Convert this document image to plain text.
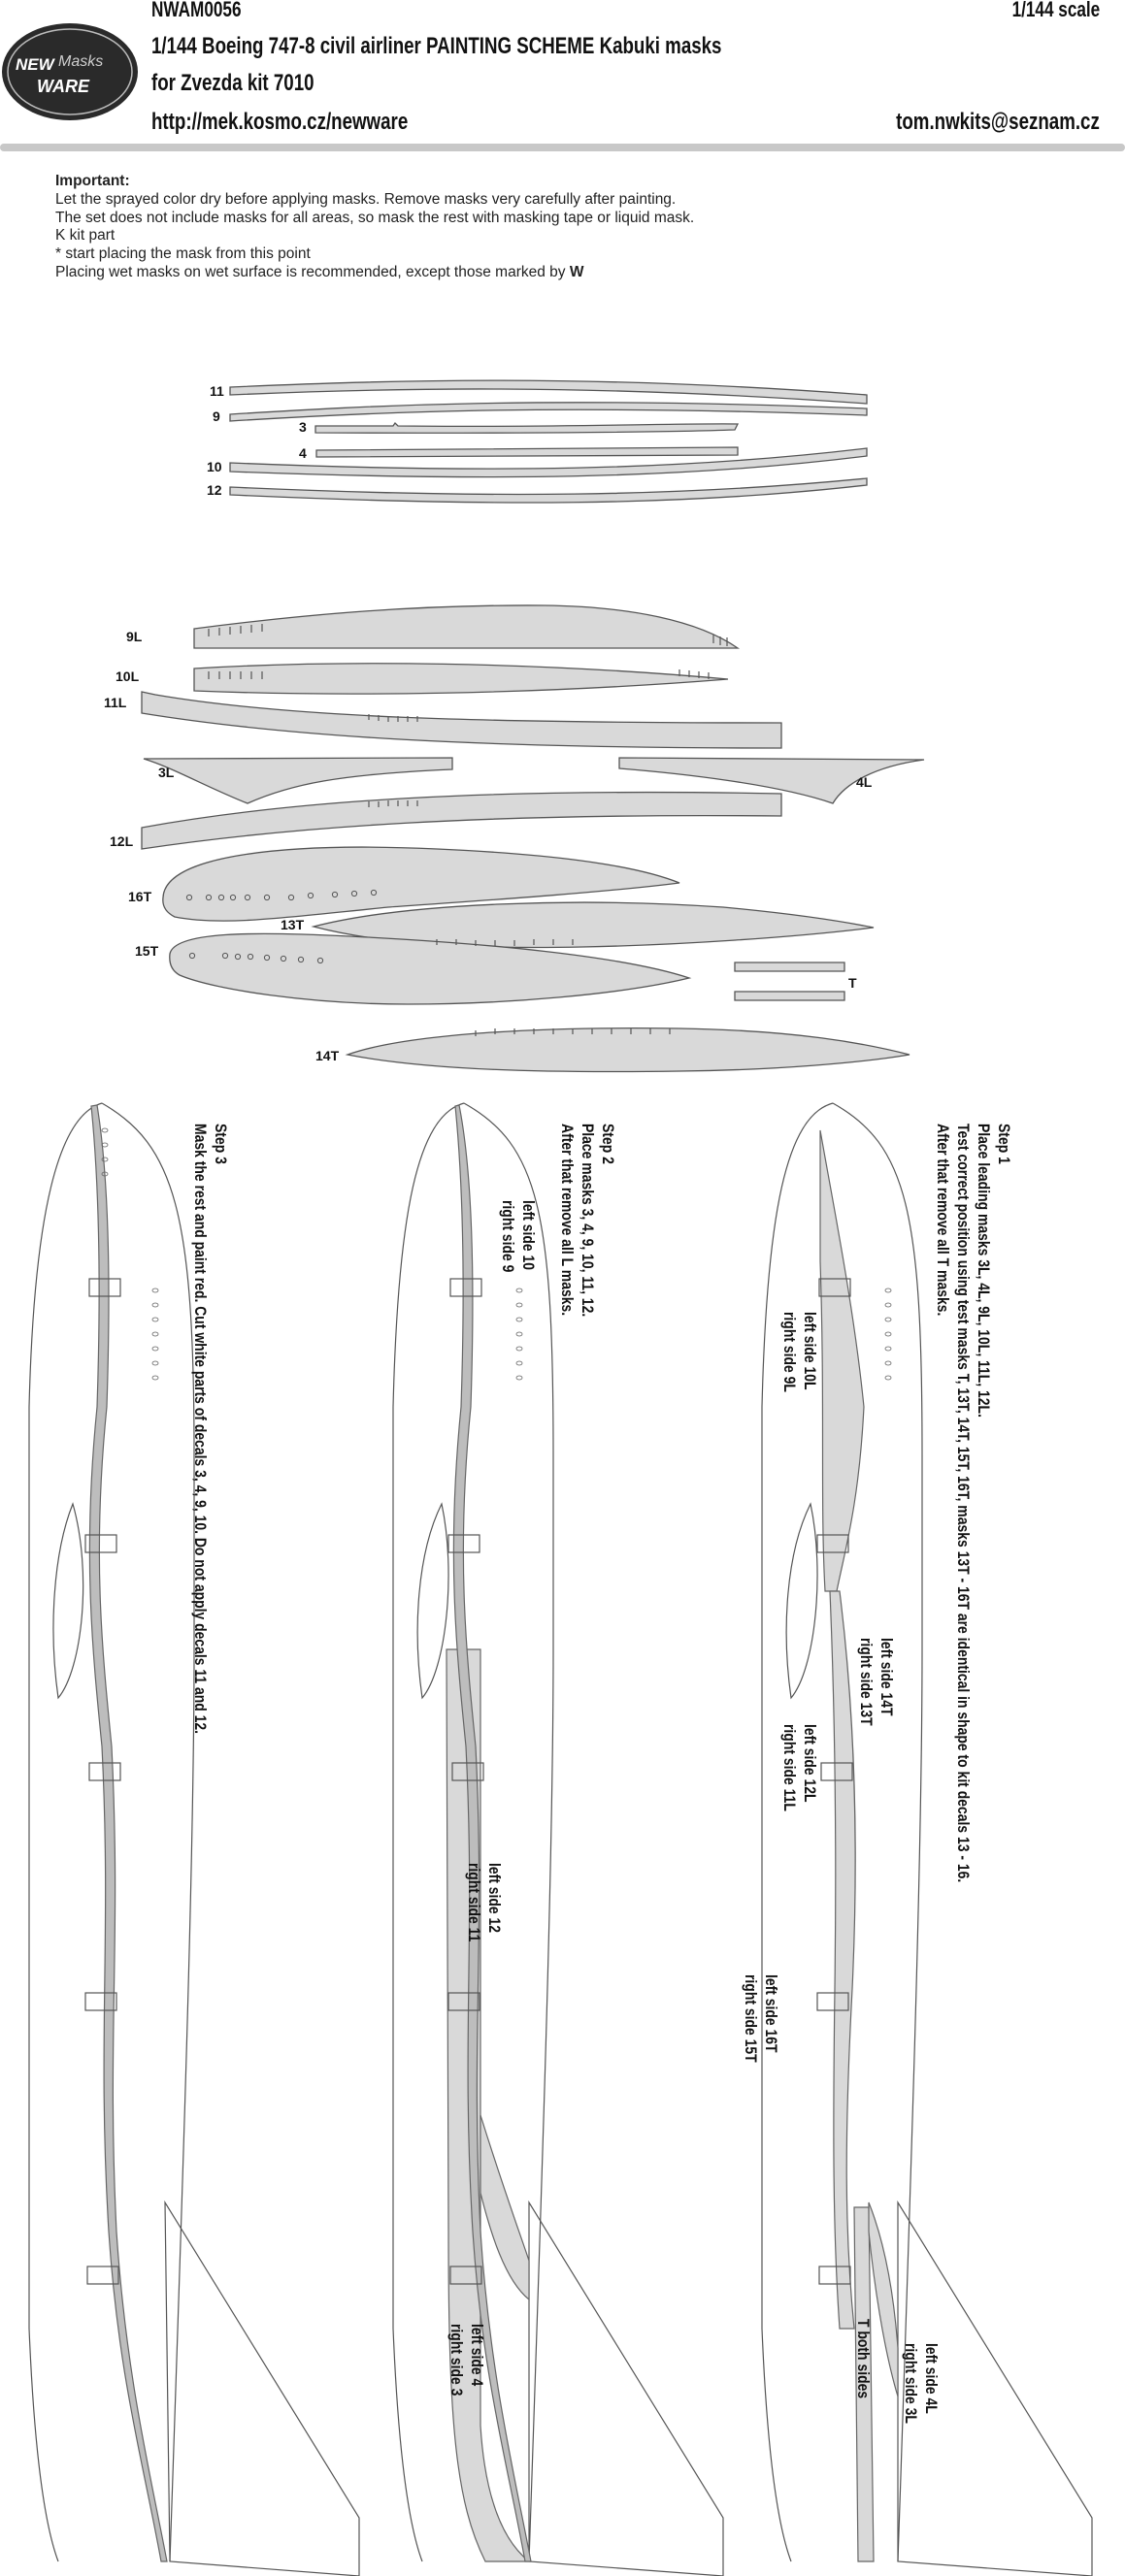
NEW Masks
WARE
NWAM0056	1/144 scale
1/144 Boeing 747-8 civil airliner PAINTING SCHEME Kabuki masks
for Zvezda kit 7010
http://mek.kosmo.cz/newware	tom.nwkits@seznam.cz
Important:
Let the sprayed color dry before applying masks. Remove masks very carefully after painting.
The set does not include masks for all areas, so mask the rest with masking tape or liquid mask.
K kit part
* start placing the mask from this point
Placing wet masks on wet surface is recommended, except those marked by W
11
9
3
4
10
12
9L
10L
11L
3L
4L
12L
16T
13T
15T
T
14T
Step 3
Mask the rest and paint red. Cut white parts of decals 3, 4, 9, 10. Do not apply decals 11 and 12.	Step 2
Place masks 3, 4, 9, 10, 11, 12.
After that remove all L masks.
left side 10
right side 9
left side 12
right side 11
left side 4
right side 3
Step 1
Place leading masks 3L, 4L, 9L, 10L, 11L, 12L.
Test correct position using test masks T, 13T, 14T, 15T, 16T, masks 13T - 16T are identical in shape to kit decals 13 - 16.
After that remove all T masks.
left side 10L
right side 9L
left side 14T
right side 13T
left side 12L
right side 11L
left side 16T
right side 15T
T both sides	left side 4L
right side 3L
